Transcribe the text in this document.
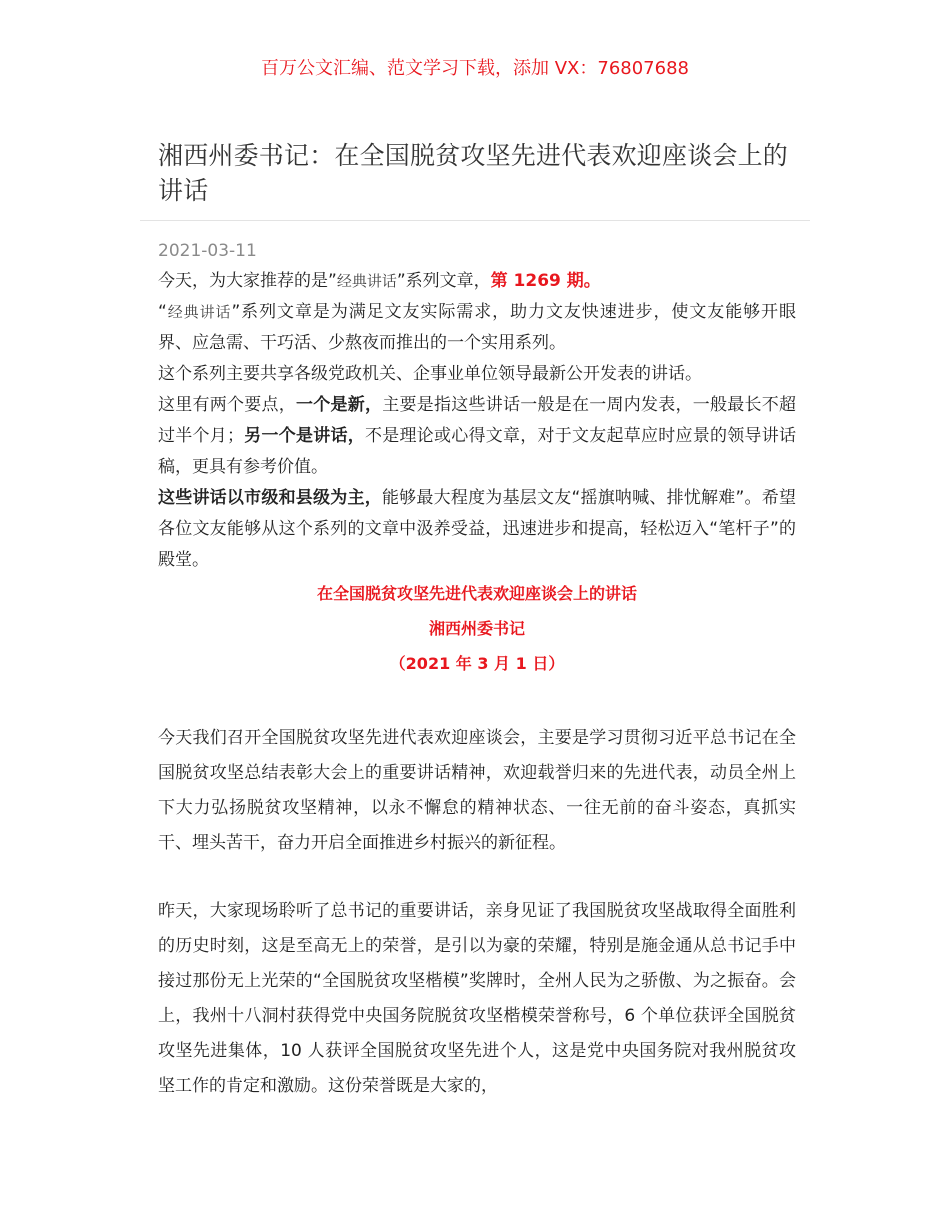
百万公文汇编、范文学习下载，添加 VX：76807688
湘西州委书记：在全国脱贫攻坚先进代表欢迎座谈会上的讲话
2021-03-11

今天，为大家推荐的是”经典讲话”系列文章，第 1269 期。

“经典讲话”系列文章是为满足文友实际需求，助力文友快速进步，使文友能够开眼界、应急需、干巧活、少熬夜而推出的一个实用系列。

这个系列主要共享各级党政机关、企事业单位领导最新公开发表的讲话。

这里有两个要点，一个是新，主要是指这些讲话一般是在一周内发表，一般最长不超过半个月；另一个是讲话，不是理论或心得文章，对于文友起草应时应景的领导讲话稿，更具有参考价值。

这些讲话以市级和县级为主，能够最大程度为基层文友“摇旗呐喊、排忧解难”。希望各位文友能够从这个系列的文章中汲养受益，迅速进步和提高，轻松迈入“笔杆子”的殿堂。

在全国脱贫攻坚先进代表欢迎座谈会上的讲话

湘西州委书记

（2021 年 3 月 1 日）

今天我们召开全国脱贫攻坚先进代表欢迎座谈会，主要是学习贯彻习近平总书记在全国脱贫攻坚总结表彰大会上的重要讲话精神，欢迎载誉归来的先进代表，动员全州上下大力弘扬脱贫攻坚精神，以永不懈怠的精神状态、一往无前的奋斗姿态，真抓实干、埋头苦干，奋力开启全面推进乡村振兴的新征程。

昨天，大家现场聆听了总书记的重要讲话，亲身见证了我国脱贫攻坚战取得全面胜利的历史时刻，这是至高无上的荣誉，是引以为豪的荣耀，特别是施金通从总书记手中接过那份无上光荣的“全国脱贫攻坚楷模”奖牌时，全州人民为之骄傲、为之振奋。会上，我州十八洞村获得党中央国务院脱贫攻坚楷模荣誉称号，6 个单位获评全国脱贫攻坚先进集体，10 人获评全国脱贫攻坚先进个人，这是党中央国务院对我州脱贫攻坚工作的肯定和激励。这份荣誉既是大家的，
